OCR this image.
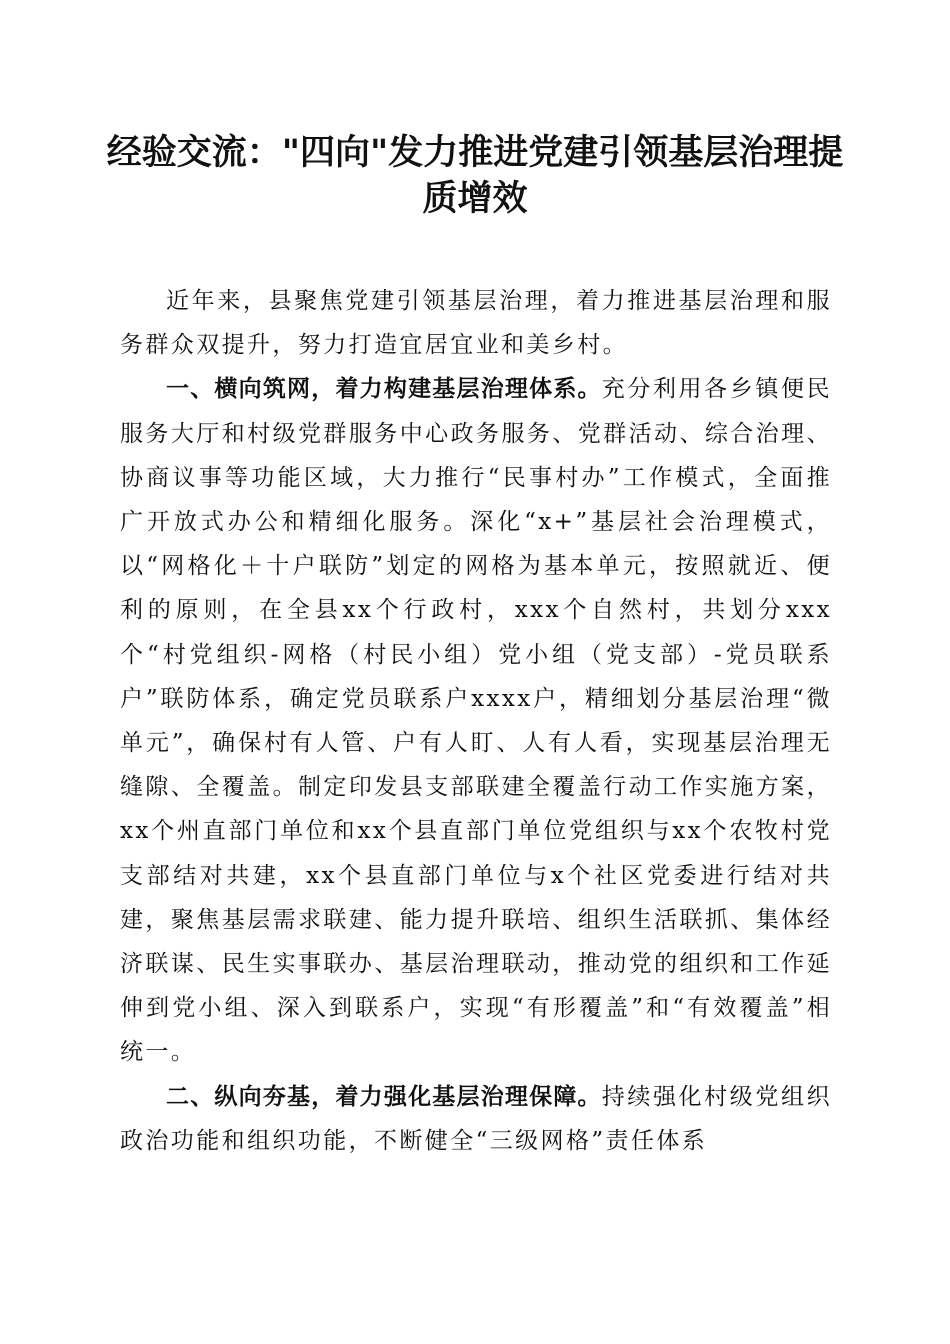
经验交流："四向"发力推进党建引领基层治理提质增效

近年来，县聚焦党建引领基层治理，着力推进基层治理和服务群众双提升，努力打造宜居宜业和美乡村。

一、横向筑网，着力构建基层治理体系。充分利用各乡镇便民服务大厅和村级党群服务中心政务服务、党群活动、综合治理、协商议事等功能区域，大力推行“民事村办”工作模式，全面推广开放式办公和精细化服务。深化“x+”基层社会治理模式，以“网格化＋十户联防”划定的网格为基本单元，按照就近、便利的原则，在全县xx个行政村，xxx个自然村，共划分xxx个“村党组织-网格（村民小组）党小组（党支部）-党员联系户”联防体系，确定党员联系户xxxx户，精细划分基层治理“微单元”，确保村有人管、户有人盯、人有人看，实现基层治理无缝隙、全覆盖。制定印发县支部联建全覆盖行动工作实施方案，xx个州直部门单位和xx个县直部门单位党组织与xx个农牧村党支部结对共建，xx个县直部门单位与x个社区党委进行结对共建，聚焦基层需求联建、能力提升联培、组织生活联抓、集体经济联谋、民生实事联办、基层治理联动，推动党的组织和工作延伸到党小组、深入到联系户，实现“有形覆盖”和“有效覆盖”相统一。

二、纵向夯基，着力强化基层治理保障。持续强化村级党组织政治功能和组织功能，不断健全“三级网格”责任体系
